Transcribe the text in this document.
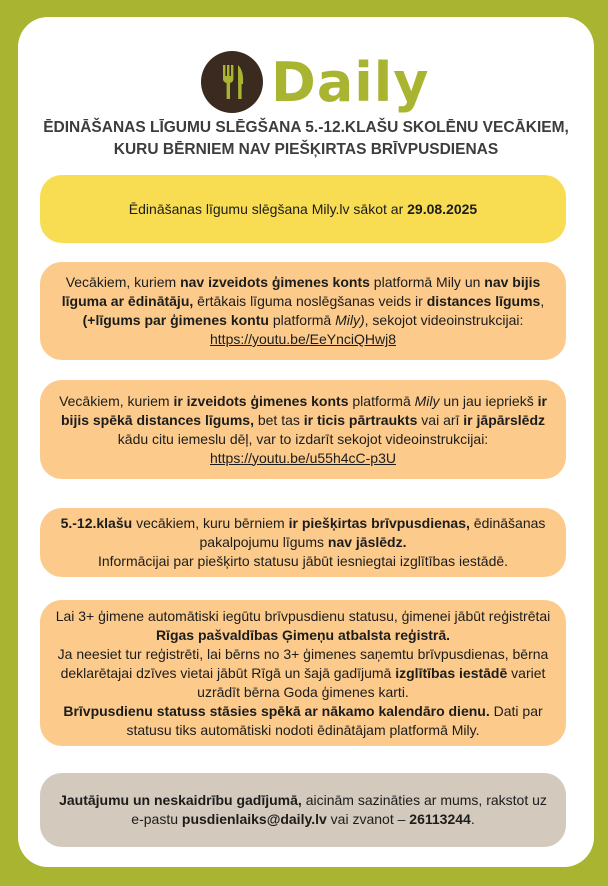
Daily
ĒDINĀŠANAS LĪGUMU SLĒGŠANA 5.-12.KLAŠU SKOLĒNU VECĀKIEM,
KURU BĒRNIEM NAV PIEŠĶIRTAS BRĪVPUSDIENAS
Ēdināšanas līgumu slēgšana Mily.lv sākot ar 29.08.2025
Vecākiem, kuriem nav izveidots ģimenes konts platformā Mily un nav bijis līguma ar ēdinātāju, ērtākais līguma noslēgšanas veids ir distances līgums, (+līgums par ģimenes kontu platformā Mily), sekojot videoinstrukcijai: https://youtu.be/EeYnciQHwj8
Vecākiem, kuriem ir izveidots ģimenes konts platformā Mily un jau iepriekš ir bijis spēkā distances līgums, bet tas ir ticis pārtraukts vai arī ir jāpārslēdz kādu citu iemeslu dēļ, var to izdarīt sekojot videoinstrukcijai:
https://youtu.be/u55h4cC-p3U
5.-12.klašu vecākiem, kuru bērniem ir piešķirtas brīvpusdienas, ēdināšanas pakalpojumu līgums nav jāslēdz.
Informācijai par piešķirto statusu jābūt iesniegtai izglītības iestādē.
Lai 3+ ģimene automātiski iegūtu brīvpusdienu statusu, ģimenei jābūt reģistrētai Rīgas pašvaldības Ģimeņu atbalsta reģistrā.
Ja neesiet tur reģistrēti, lai bērns no 3+ ģimenes saņemtu brīvpusdienas, bērna deklarētajai dzīves vietai jābūt Rīgā un šajā gadījumā izglītības iestādē variet uzrādīt bērna Goda ģimenes karti.
Brīvpusdienu statuss stāsies spēkā ar nākamo kalendāro dienu. Dati par statusu tiks automātiski nodoti ēdinātājam platformā Mily.
Jautājumu un neskaidrību gadījumā, aicinām sazināties ar mums, rakstot uz e-pastu pusdienlaiks@daily.lv vai zvanot – 26113244.
